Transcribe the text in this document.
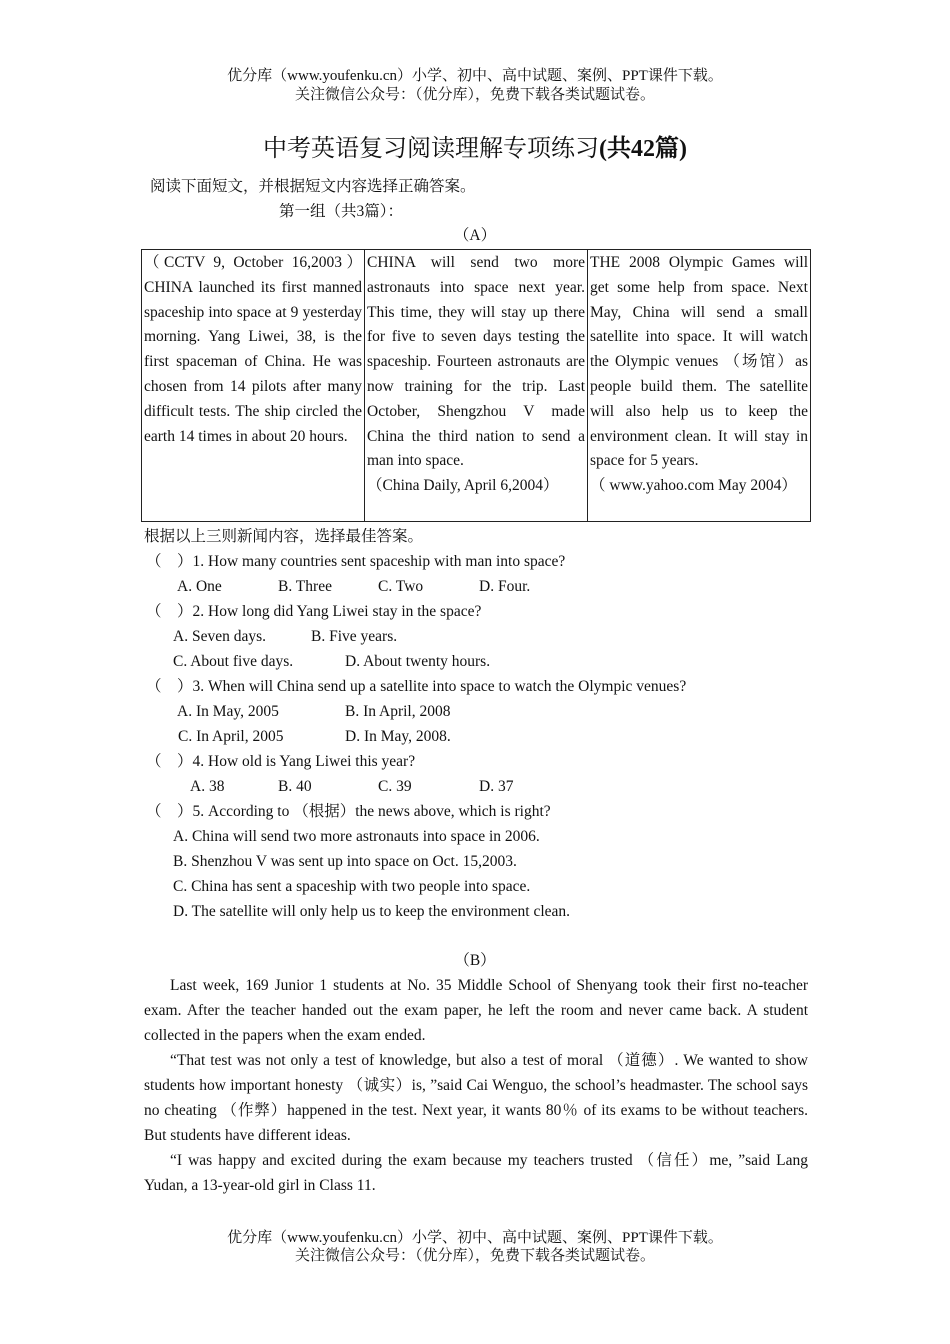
优分库（www.youfenku.cn）小学、初中、高中试题、案例、PPT课件下载。
关注微信公众号：（优分库），免费下载各类试题试卷。
中考英语复习阅读理解专项练习(共42篇)
阅读下面短文，并根据短文内容选择正确答案。
第一组（共3篇）：
（A）
（CCTV 9, October 16,2003）CHINA launched its first manned spaceship into space at 9 yesterday morning. Yang Liwei, 38, is the first spaceman of China. He was chosen from 14 pilots after many difficult tests. The ship circled the earth 14 times in about 20 hours.

CHINA will send two more astronauts into space next year. This time, they will stay up there for five to seven days testing the spaceship. Fourteen astronauts are now training for the trip. Last October, Shengzhou V made China the third nation to send a man into space.
（China Daily, April 6,2004）

THE 2008 Olympic Games will get some help from space. Next May, China will send a small satellite into space. It will watch the Olympic venues （场馆）as people build them. The satellite will also help us to keep the environment clean. It will stay in space for 5 years.
（ www.yahoo.com May 2004）
根据以上三则新闻内容，选择最佳答案。
（　）1. How many countries sent spaceship with man into space?
A. One	B. Three	C. Two	D. Four.
（　）2. How long did Yang Liwei stay in the space?
A. Seven days.	B. Five years.
C. About five days.	D. About twenty hours.
（　）3. When will China send up a satellite into space to watch the Olympic venues?
A. In May, 2005	B. In April, 2008
C. In April, 2005	D. In May, 2008.
（　）4. How old is Yang Liwei this year?
A. 38	B. 40	C. 39	D. 37
（　）5. According to （根据）the news above, which is right?
A. China will send two more astronauts into space in 2006.
B. Shenzhou V was sent up into space on Oct. 15,2003.
C. China has sent a spaceship with two people into space.
D. The satellite will only help us to keep the environment clean.
（B）
Last week, 169 Junior 1 students at No. 35 Middle School of Shenyang took their first no-teacher exam. After the teacher handed out the exam paper, he left the room and never came back. A student collected in the papers when the exam ended.
“That test was not only a test of knowledge, but also a test of moral （道德）. We wanted to show students how important honesty （诚实）is, ”said Cai Wenguo, the school’s headmaster. The school says no cheating （作弊）happened in the test. Next year, it wants 80％ of its exams to be without teachers. But students have different ideas.
“I was happy and excited during the exam because my teachers trusted （信任）me, ”said Lang Yudan, a 13-year-old girl in Class 11.
优分库（www.youfenku.cn）小学、初中、高中试题、案例、PPT课件下载。
关注微信公众号：（优分库），免费下载各类试题试卷。
